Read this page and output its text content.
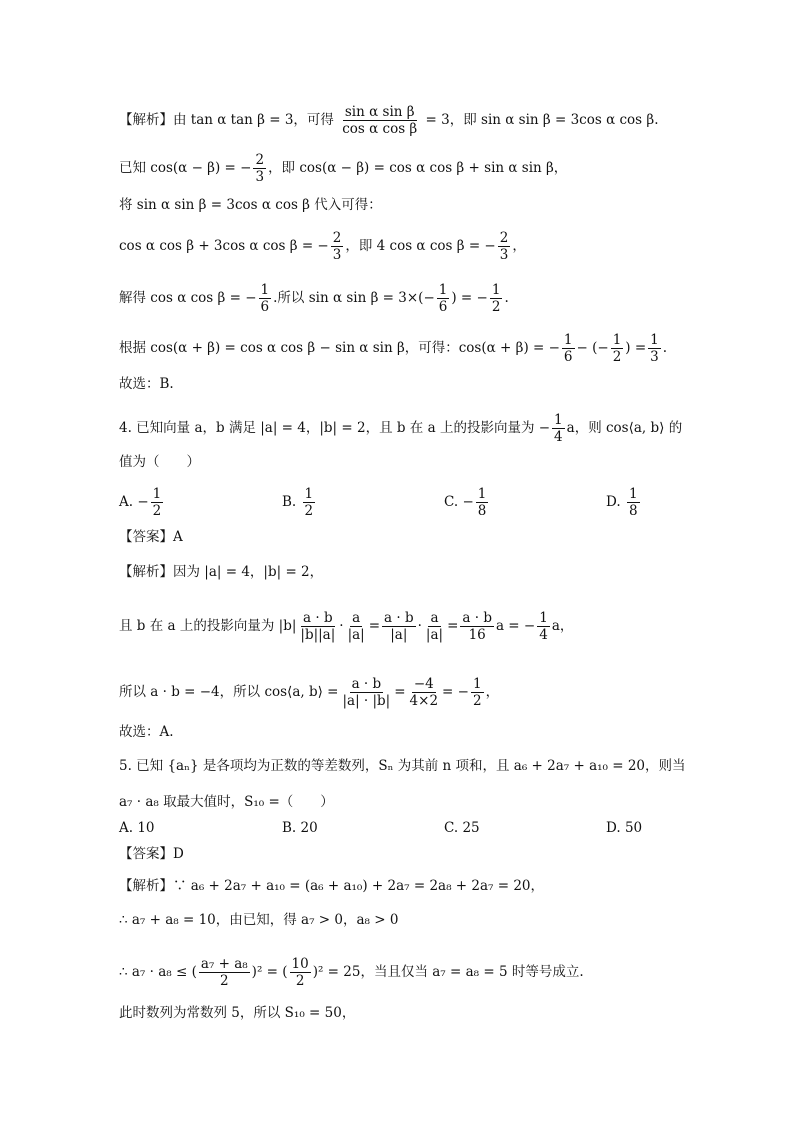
【解析】由 tan α tan β = 3，可得 $\frac{\text{sin α sin β}}{\text{cos α cos β}} = 3$，即 sin α sin β = 3cos α cos β.
已知 cos(α − β) = − $\frac{2}{3}$ ，即 cos(α − β) = cos α cos β + sin α sin β，
将 sin α sin β = 3cos α cos β 代入可得：
cos α cos β + 3cos α cos β = − $\frac{2}{3}$ ，即 4 cos α cos β = − $\frac{2}{3}$ ，
解得 cos α cos β = − $\frac{1}{6}$ .所以 sin α $\sin \beta = 3\times(- \frac{1}{6}$ ) = − $\frac{1}{2}$ .
根据 cos(α + β) = cos α cos β − sin α sin β，可得：cos(α + β) = − $\frac{1}{6}$ − (− $\frac{1}{2}$ ) = $\frac{1}{3}$ .
故选：B.
4. 已知向量 a，b 满足 |a| = 4，|b| = 2，且 b 在 a 上的投影向量为 − $\frac{1}{4}$ a，则 cos⟨a, b⟩ 的
值为（　　）
A. − $\frac{1}{2}$	B. $\frac{1}{2}$	C. − $\frac{1}{8}$	D. $\frac{1}{8}$
【答案】A
【解析】因为 |a| = 4，|b| = 2，
且 b 在 a 上的投影向量为 $|b| \frac{a \cdot b}{|b||a|} \cdot \frac{a}{|a|} = \frac{a \cdot b}{|a|} \cdot \frac{a}{|a|} = \frac{a \cdot b}{16}$ a = − $\frac{1}{4}$ a，
所以 a · b = −4，所以 cos⟨a, b⟩ = $\frac{a \cdot b}{|a| \cdot |b|} = \frac{-4}{4\times 2}$ = − $\frac{1}{2}$ ，
故选：A.
5. 已知 {aₙ} 是各项均为正数的等差数列，Sₙ 为其前 n 项和，且 a₆ + 2a₇ + a₁₀ = 20，则当
a₇ · a₈ 取最大值时，S₁₀ =（　　）
A. 10	B. 20	C. 25	D. 50
【答案】D
【解析】∵ a₆ + 2a₇ + a₁₀ = (a₆ + a₁₀) + 2a₇ = 2a₈ + 2a₇ = 20，
∴ a₇ + a₈ = 10，由已知，得 a₇ > 0，a₈ > 0
∴ a₇ · a₈ ≤ ( $\frac{\text{a₇ + a₈}}{2} )^2$ = ( $\frac{10}{2} )^2 = 25$，当且仅当 a₇ = a₈ = 5 时等号成立.
此时数列为常数列 5，所以 S₁₀ = 50，
